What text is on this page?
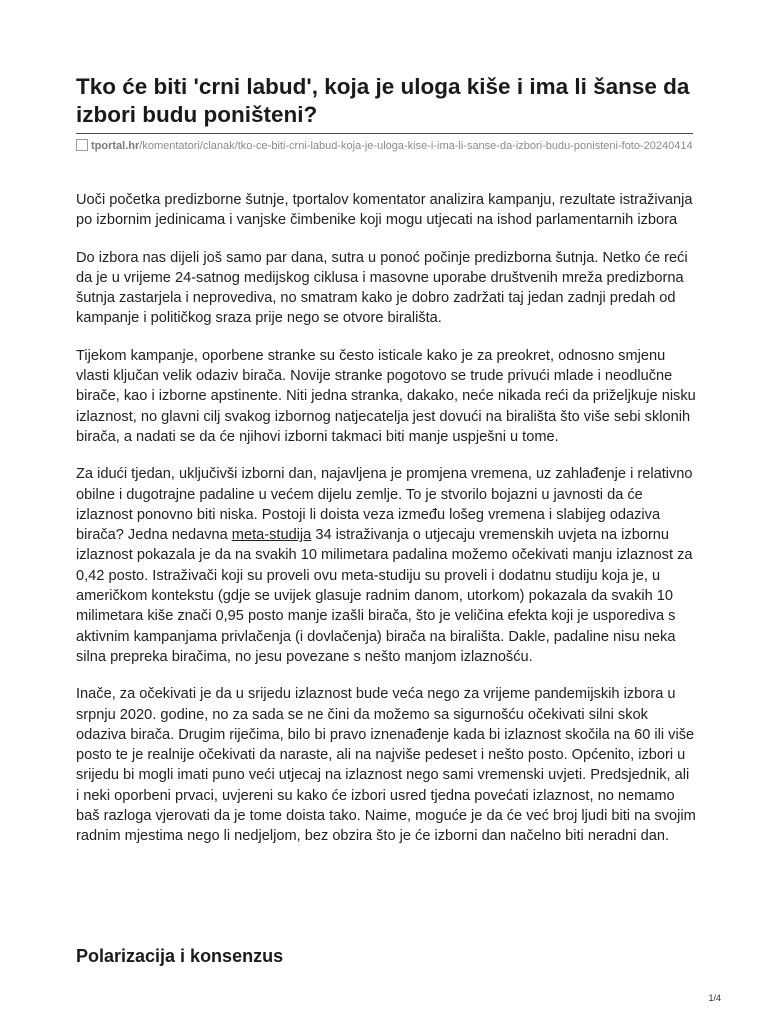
Tko će biti 'crni labud', koja je uloga kiše i ima li šanse da izbori budu poništeni?
tportal.hr/komentatori/clanak/tko-ce-biti-crni-labud-koja-je-uloga-kise-i-ima-li-sanse-da-izbori-budu-ponisteni-foto-20240414

Uoči početka predizborne šutnje, tportalov komentator analizira kampanju, rezultate istraživanja po izbornim jedinicama i vanjske čimbenike koji mogu utjecati na ishod parlamentarnih izbora

Do izbora nas dijeli još samo par dana, sutra u ponoć počinje predizborna šutnja. Netko će reći da je u vrijeme 24-satnog medijskog ciklusa i masovne uporabe društvenih mreža predizborna šutnja zastarjela i neprovediva, no smatram kako je dobro zadržati taj jedan zadnji predah od kampanje i političkog sraza prije nego se otvore birališta.

Tijekom kampanje, oporbene stranke su često isticale kako je za preokret, odnosno smjenu vlasti ključan velik odaziv birača. Novije stranke pogotovo se trude privući mlade i neodlučne birače, kao i izborne apstinente. Niti jedna stranka, dakako, neće nikada reći da priželjkuje nisku izlaznost, no glavni cilj svakog izbornog natjecatelja jest dovući na birališta što više sebi sklonih birača, a nadati se da će njihovi izborni takmaci biti manje uspješni u tome.

Za idući tjedan, uključivši izborni dan, najavljena je promjena vremena, uz zahlađenje i relativno obilne i dugotrajne padaline u većem dijelu zemlje. To je stvorilo bojazni u javnosti da će izlaznost ponovno biti niska. Postoji li doista veza između lošeg vremena i slabijeg odaziva birača? Jedna nedavna meta-studija 34 istraživanja o utjecaju vremenskih uvjeta na izbornu izlaznost pokazala je da na svakih 10 milimetara padalina možemo očekivati manju izlaznost za 0,42 posto. Istraživači koji su proveli ovu meta-studiju su proveli i dodatnu studiju koja je, u američkom kontekstu (gdje se uvijek glasuje radnim danom, utorkom) pokazala da svakih 10 milimetara kiše znači 0,95 posto manje izašli birača, što je veličina efekta koji je usporediva s aktivnim kampanjama privlačenja (i dovlačenja) birača na birališta. Dakle, padaline nisu neka silna prepreka biračima, no jesu povezane s nešto manjom izlaznošću.

Inače, za očekivati je da u srijedu izlaznost bude veća nego za vrijeme pandemijskih izbora u srpnju 2020. godine, no za sada se ne čini da možemo sa sigurnošću očekivati silni skok odaziva birača. Drugim riječima, bilo bi pravo iznenađenje kada bi izlaznost skočila na 60 ili više posto te je realnije očekivati da naraste, ali na najviše pedeset i nešto posto. Općenito, izbori u srijedu bi mogli imati puno veći utjecaj na izlaznost nego sami vremenski uvjeti. Predsjednik, ali i neki oporbeni prvaci, uvjereni su kako će izbori usred tjedna povećati izlaznost, no nemamo baš razloga vjerovati da je tome doista tako. Naime, moguće je da će već broj ljudi biti na svojim radnim mjestima nego li nedjeljom, bez obzira što je će izborni dan načelno biti neradni dan.

Polarizacija i konsenzus
1/4
